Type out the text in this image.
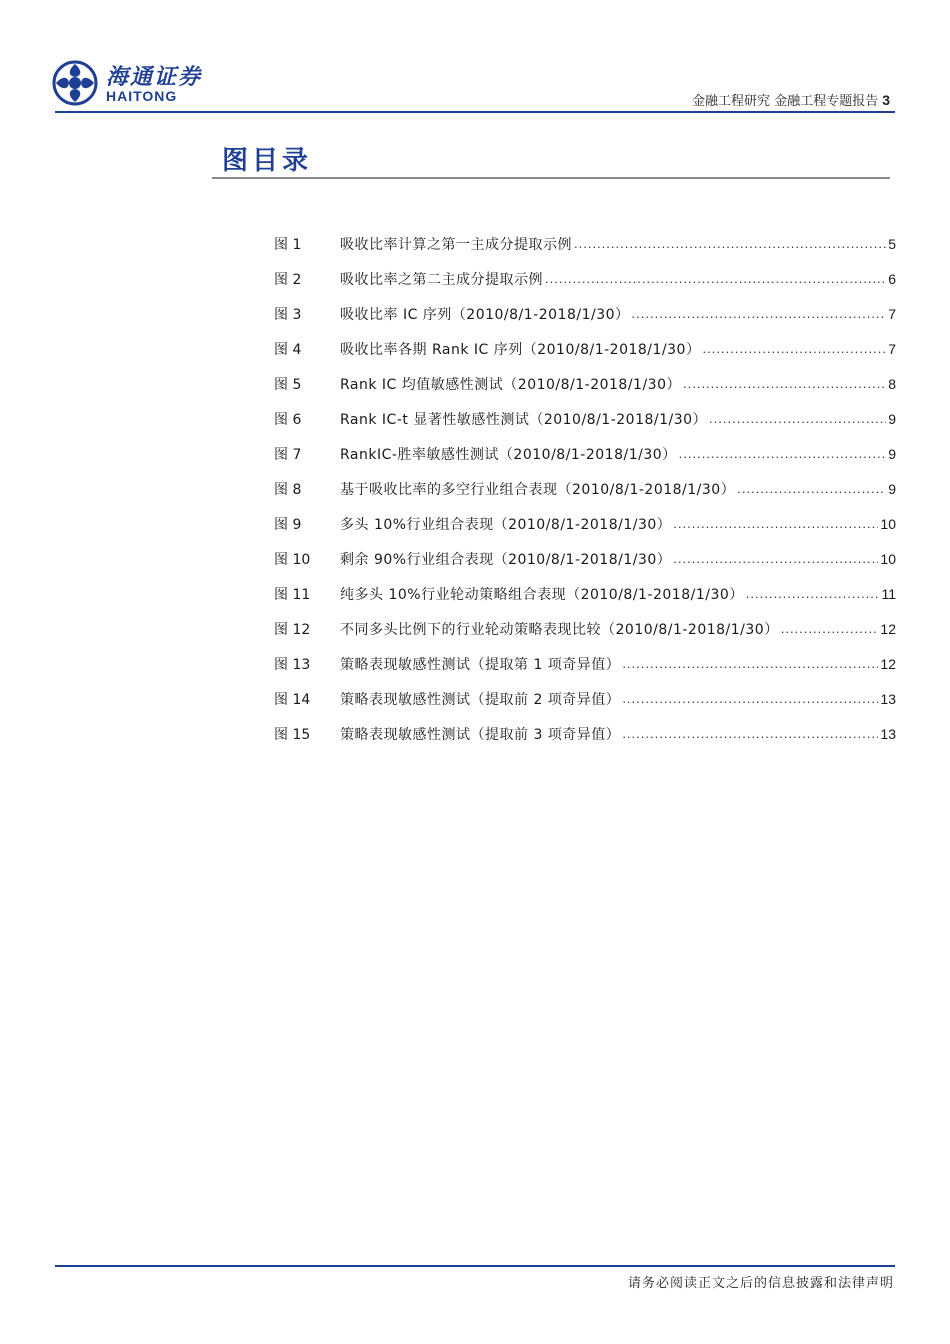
海通证券
HAITONG	金融工程研究 金融工程专题报告 3
图目录
图 1	吸收比率计算之第一主成分提取示例 .....	5
图 2	吸收比率之第二主成分提取示例 .....	6
图 3	吸收比率 IC 序列（2010/8/1-2018/1/30） .....	7
图 4	吸收比率各期 Rank IC 序列（2010/8/1-2018/1/30） .....	7
图 5	Rank IC 均值敏感性测试（2010/8/1-2018/1/30） .....	8
图 6	Rank IC-t 显著性敏感性测试（2010/8/1-2018/1/30） .....	9
图 7	RankIC-胜率敏感性测试（2010/8/1-2018/1/30） .....	9
图 8	基于吸收比率的多空行业组合表现（2010/8/1-2018/1/30） .....	9
图 9	多头 10%行业组合表现（2010/8/1-2018/1/30） .....	10
图 10	剩余 90%行业组合表现（2010/8/1-2018/1/30） .....	10
图 11	纯多头 10%行业轮动策略组合表现（2010/8/1-2018/1/30） .....	11
图 12	不同多头比例下的行业轮动策略表现比较（2010/8/1-2018/1/30） .....	12
图 13	策略表现敏感性测试（提取第 1 项奇异值） .....	12
图 14	策略表现敏感性测试（提取前 2 项奇异值） .....	13
图 15	策略表现敏感性测试（提取前 3 项奇异值） .....	13
请务必阅读正文之后的信息披露和法律声明
